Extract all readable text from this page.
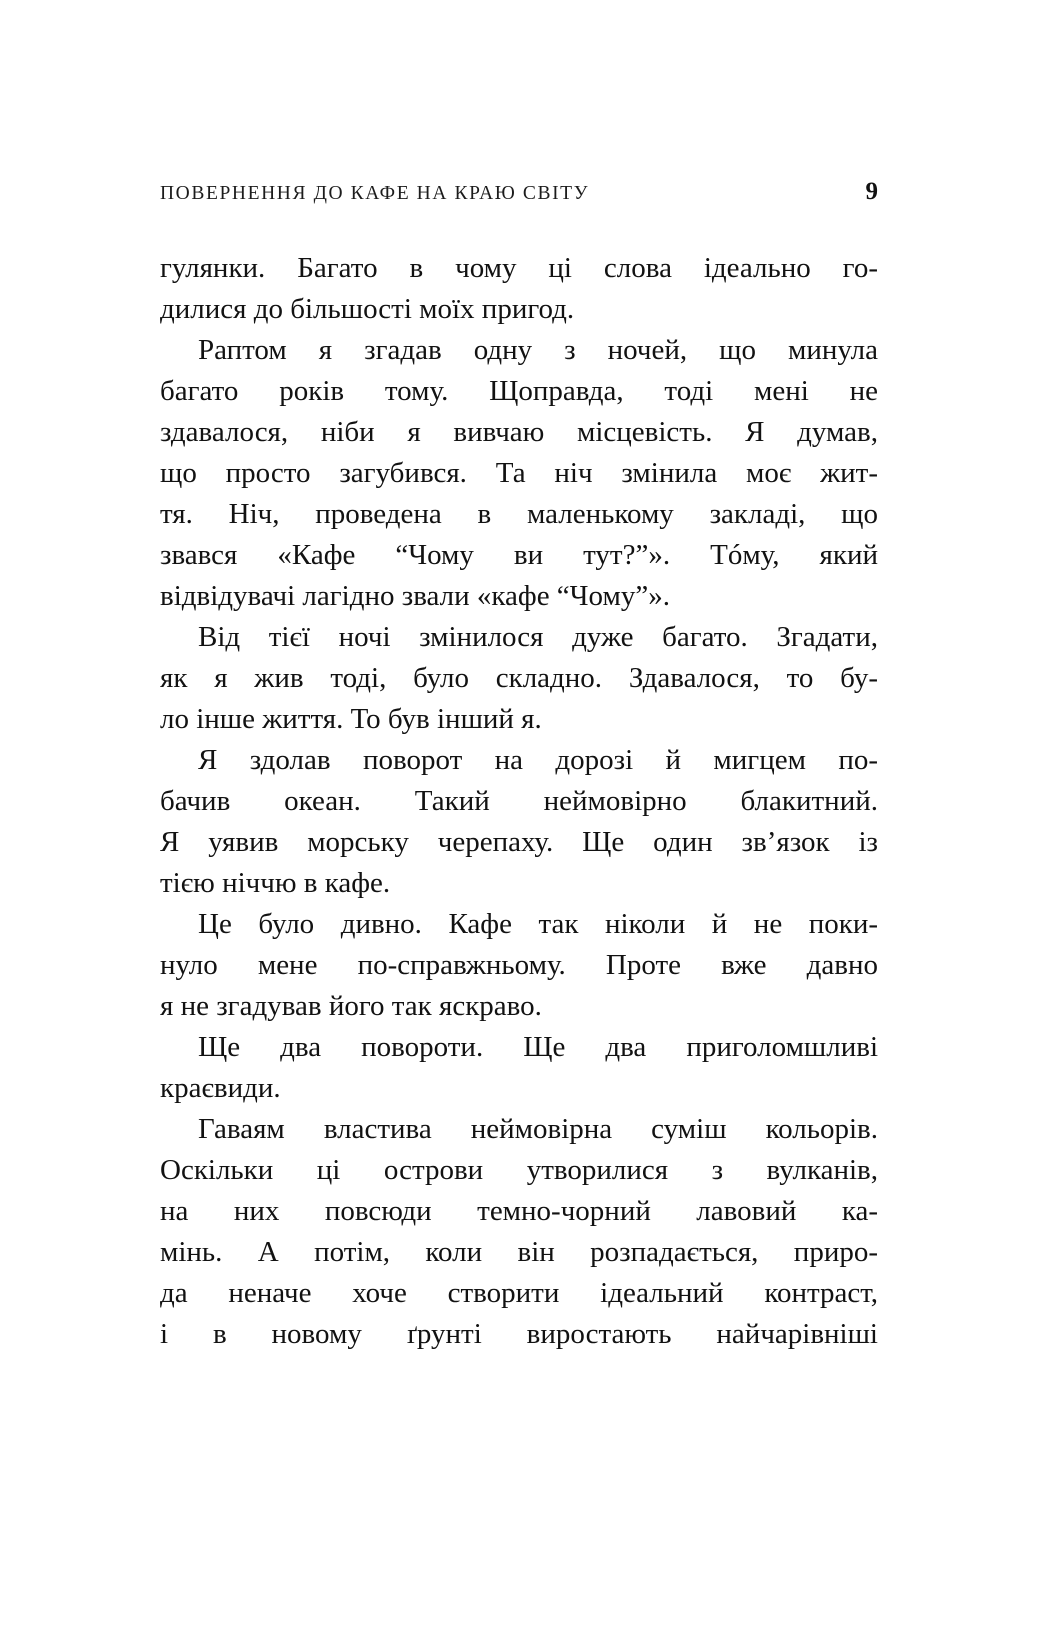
ПОВЕРНЕННЯ ДО КАФЕ НА КРАЮ СВІТУ	9

гулянки. Багато в чому ці слова ідеально го-
дилися до більшості моїх пригод.

Раптом я згадав одну з ночей, що минула
багато років тому. Щоправда, тоді мені не
здавалося, ніби я вивчаю місцевість. Я думав,
що просто загубився. Та ніч змінила моє жит-
тя. Ніч, проведена в маленькому закладі, що
звався «Кафе “Чому ви тут?”». Тóму, який
відвідувачі лагідно звали «кафе “Чому”».

Від тієї ночі змінилося дуже багато. Згадати,
як я жив тоді, було складно. Здавалося, то бу-
ло інше життя. То був інший я.

Я здолав поворот на дорозі й мигцем по-
бачив океан. Такий неймовірно блакитний.
Я уявив морську черепаху. Ще один зв’язок із
тією ніччю в кафе.

Це було дивно. Кафе так ніколи й не поки-
нуло мене по-справжньому. Проте вже давно
я не згадував його так яскраво.

Ще два повороти. Ще два приголомшливі
краєвиди.

Гаваям властива неймовірна суміш кольорів.
Оскільки ці острови утворилися з вулканів,
на них повсюди темно-чорний лавовий ка-
мінь. А потім, коли він розпадається, приро-
да неначе хоче створити ідеальний контраст,
і в новому ґрунті виростають найчарівніші
